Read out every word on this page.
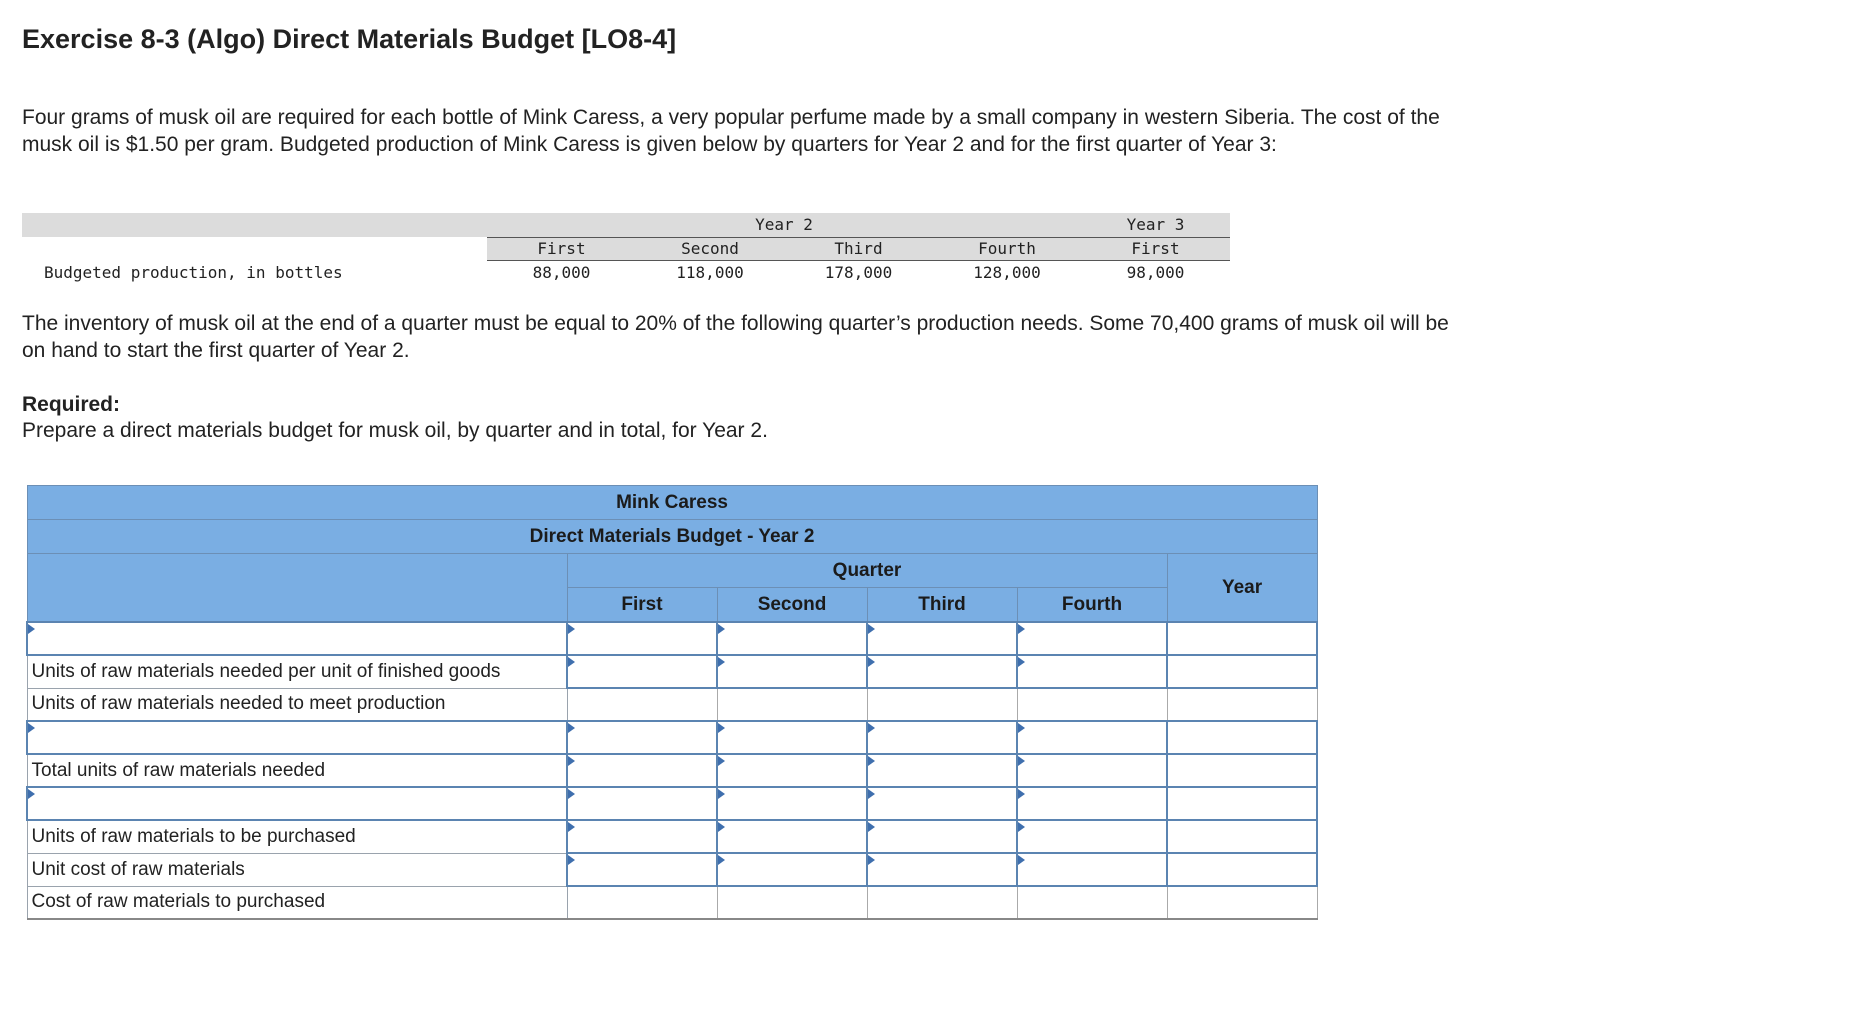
Exercise 8-3 (Algo) Direct Materials Budget [LO8-4]

Four grams of musk oil are required for each bottle of Mink Caress, a very popular perfume made by a small company in western Siberia. The cost of the musk oil is $1.50 per gram. Budgeted production of Mink Caress is given below by quarters for Year 2 and for the first quarter of Year 3:

Year 2	Year 3
First	Second	Third	Fourth	First
Budgeted production, in bottles	88,000	118,000	178,000	128,000	98,000

The inventory of musk oil at the end of a quarter must be equal to 20% of the following quarter’s production needs. Some 70,400 grams of musk oil will be on hand to start the first quarter of Year 2.

Required:

Prepare a direct materials budget for musk oil, by quarter and in total, for Year 2.

Mink Caress					
Direct Materials Budget - Year 2					
	Quarter				Year
	First	Second	Third	Fourth	

Units of raw materials needed per unit of finished goods					
Units of raw materials needed to meet production					

Total units of raw materials needed					

Units of raw materials to be purchased					
Unit cost of raw materials					
Cost of raw materials to purchased					
